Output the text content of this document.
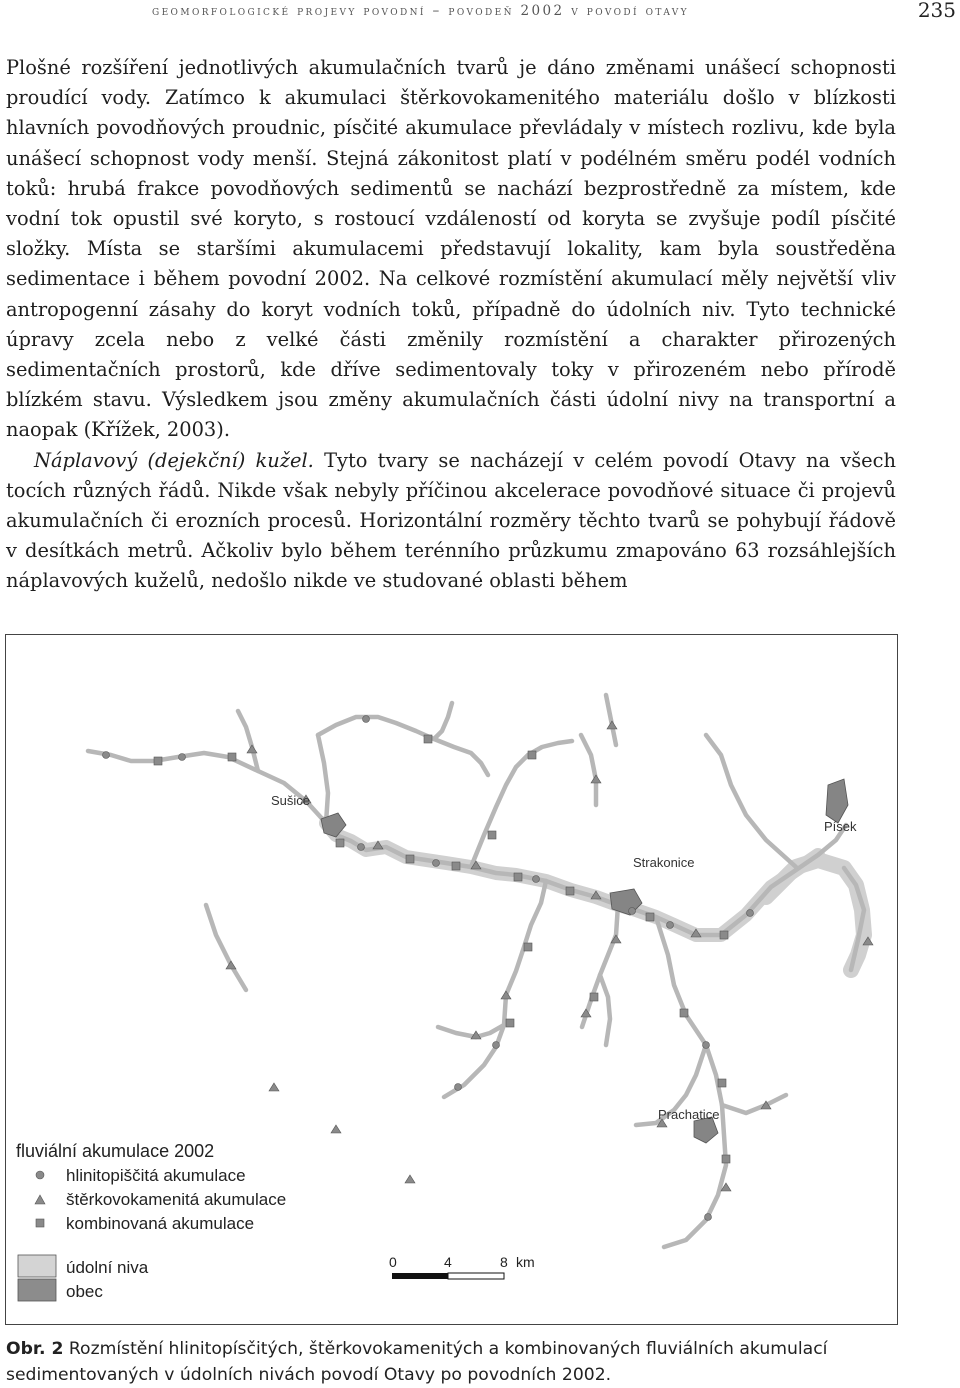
geomorfologické projevy povodní – povodeň 2002 v povodí otavy	235

Plošné rozšíření jednotlivých akumulačních tvarů je dáno změnami unášecí schopnosti proudící vody. Zatímco k akumulaci štěrkovokamenitého materiálu došlo v blízkosti hlavních povodňových proudnic, písčité akumulace převládaly v místech rozlivu, kde byla unášecí schopnost vody menší. Stejná zákonitost platí v podélném směru podél vodních toků: hrubá frakce povodňových sedimentů se nachází bezprostředně za místem, kde vodní tok opustil své koryto, s rostoucí vzdáleností od koryta se zvyšuje podíl písčité složky. Místa se staršími akumulacemi představují lokality, kam byla soustředěna sedimentace i během povodní 2002. Na celkové rozmístění akumulací měly největší vliv antropogenní zásahy do koryt vodních toků, případně do údolních niv. Tyto technické úpravy zcela nebo z velké části změnily rozmístění a charakter přirozených sedimentačních prostorů, kde dříve sedimentovaly toky v přirozeném nebo přírodě blízkém stavu. Výsledkem jsou změny akumulačních části údolní nivy na transportní a naopak (Křížek, 2003).

Náplavový (dejekční) kužel. Tyto tvary se nacházejí v celém povodí Otavy na všech tocích různých řádů. Nikde však nebyly příčinou akcelerace povodňové situace či projevů akumulačních či erozních procesů. Horizontální rozměry těchto tvarů se pohybují řádově v desítkách metrů. Ačkoliv bylo během terénního průzkumu zmapováno 63 rozsáhlejších náplavových kuželů, nedošlo nikde ve studované oblasti během

Sušice
Strakonice
Písek
Prachatice
fluviální akumulace 2002
hlinitopiščitá akumulace
štěrkovokamenitá akumulace
kombinovaná akumulace
údolní niva
obec
0	4	8 km
Obr. 2 Rozmístění hlinitopísčitých, štěrkovokamenitých a kombinovaných fluviálních akumulací sedimentovaných v údolních nivách povodí Otavy po povodních 2002.
